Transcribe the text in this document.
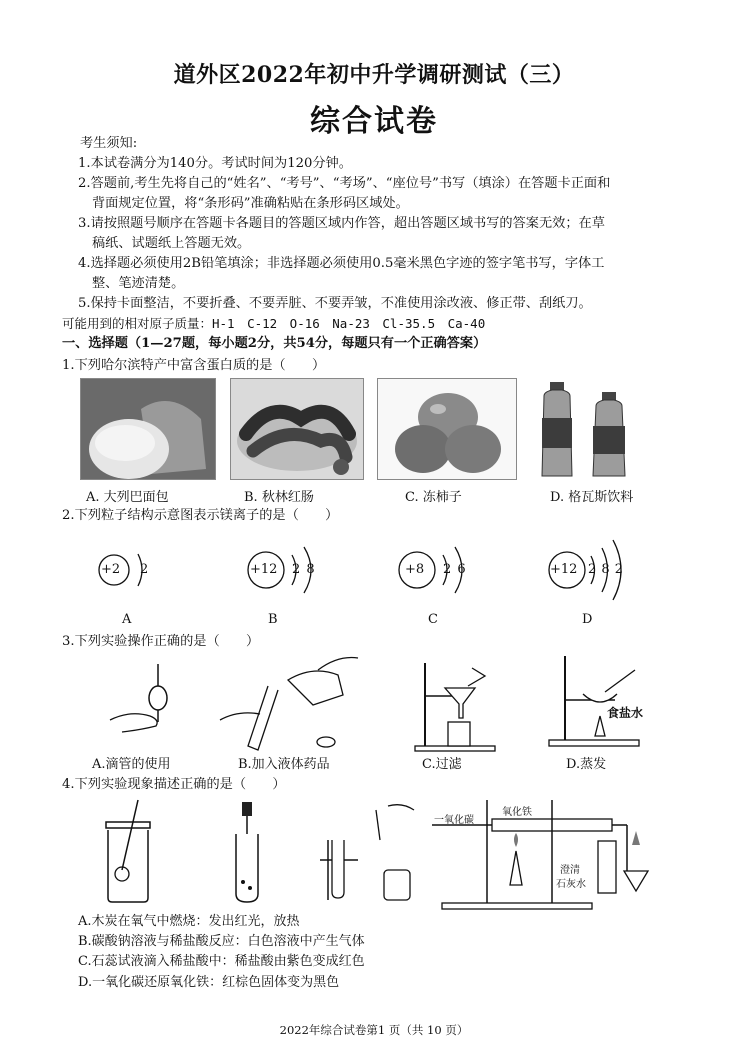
道外区2022年初中升学调研测试（三）
综合试卷
考生须知:
1.本试卷满分为140分。考试时间为120分钟。
2.答题前,考生先将自己的“姓名”、“考号”、“考场”、“座位号”书写（填涂）在答题卡正面和
背面规定位置，将“条形码”准确粘贴在条形码区域处。
3.请按照题号顺序在答题卡各题目的答题区域内作答，超出答题区域书写的答案无效；在草
稿纸、试题纸上答题无效。
4.选择题必须使用2B铅笔填涂；非选择题必须使用0.5毫米黑色字迹的签字笔书写，字体工
整、笔迹清楚。
5.保持卡面整洁，不要折叠、不要弄脏、不要弄皱，不准使用涂改液、修正带、刮纸刀。
可能用到的相对原子质量：H-1　C-12　O-16　Na-23　Cl-35.5　Ca-40
一、选择题（1—27题，每小题2分，共54分，每题只有一个正确答案）
1.下列哈尔滨特产中富含蛋白质的是（　　）
A. 大列巴面包	B. 秋林红肠	C. 冻柿子	D. 格瓦斯饮料
2.下列粒子结构示意图表示镁离子的是（　　）
+2 2	+12 2 8	+8 2 6	+12 2 8 2
A	B	C	D
3.下列实验操作正确的是（　　）
食盐水
A.滴管的使用	B.加入液体药品	C.过滤	D.蒸发
4.下列实验现象描述正确的是（　　）
一氧化碳
氧化铁
澄清
石灰水
A.木炭在氧气中燃烧：发出红光，放热
B.碳酸钠溶液与稀盐酸反应：白色溶液中产生气体
C.石蕊试液滴入稀盐酸中：稀盐酸由紫色变成红色
D.一氧化碳还原氧化铁：红棕色固体变为黑色
2022年综合试卷第1 页（共 10 页）
